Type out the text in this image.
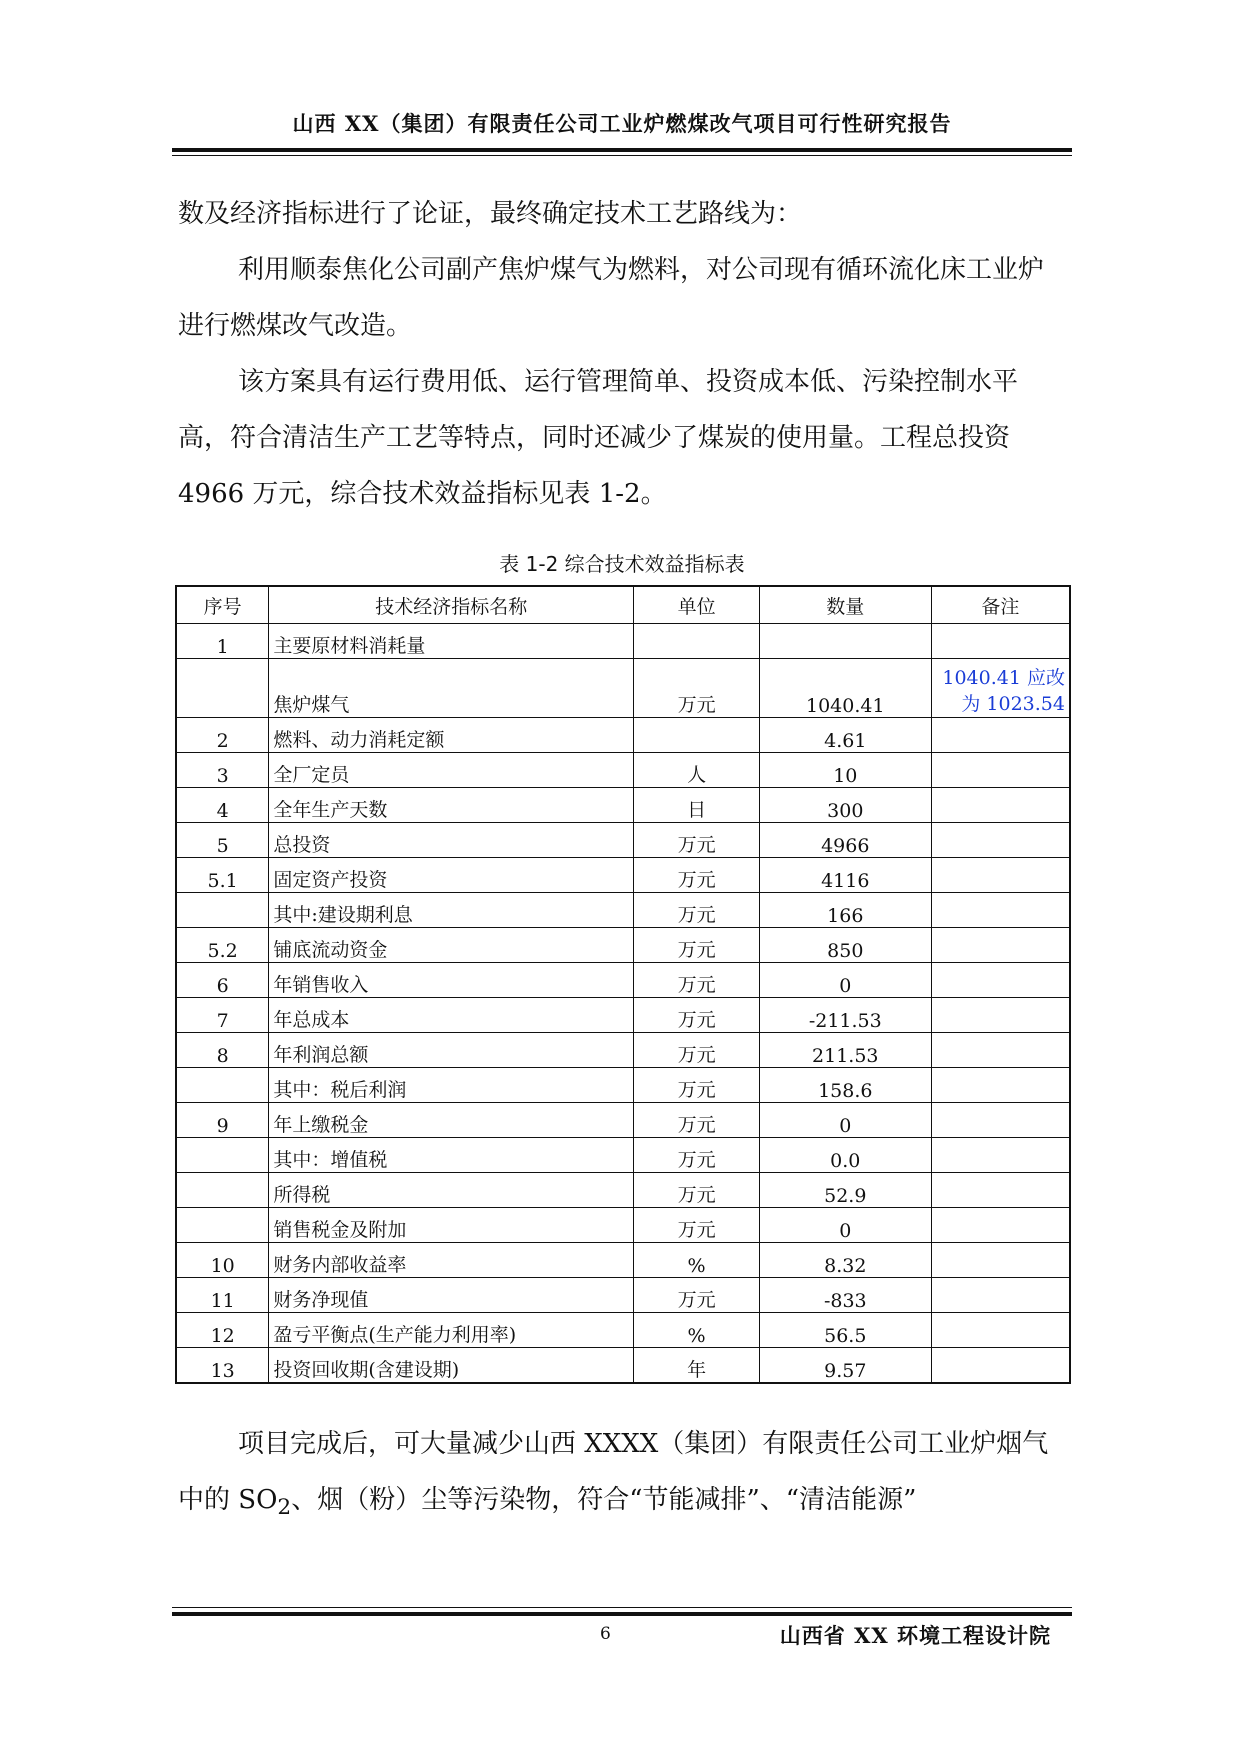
山西 XX（集团）有限责任公司工业炉燃煤改气项目可行性研究报告

数及经济指标进行了论证，最终确定技术工艺路线为：

利用顺泰焦化公司副产焦炉煤气为燃料，对公司现有循环流化床工业炉进行燃煤改气改造。

该方案具有运行费用低、运行管理简单、投资成本低、污染控制水平高，符合清洁生产工艺等特点，同时还减少了煤炭的使用量。工程总投资 4966 万元，综合技术效益指标见表 1-2。

表 1-2 综合技术效益指标表
序号	技术经济指标名称	单位	数量	备注
1	主要原材料消耗量			
	焦炉煤气	万元	1040.41	1040.41 应改
为 1023.54

2	燃料、动力消耗定额		4.61	
3	全厂定员	人	10	
4	全年生产天数	日	300	
5	总投资	万元	4966	
5.1	固定资产投资	万元	4116	
	其中:建设期利息	万元	166	
5.2	铺底流动资金	万元	850	
6	年销售收入	万元	0	
7	年总成本	万元	-211.53	
8	年利润总额	万元	211.53	
	其中：税后利润	万元	158.6	
9	年上缴税金	万元	0	
	其中：增值税	万元	0.0	
	所得税	万元	52.9	
	销售税金及附加	万元	0	
10	财务内部收益率	%	8.32	
11	财务净现值	万元	-833	
12	盈亏平衡点(生产能力利用率)	%	56.5	
13	投资回收期(含建设期)	年	9.57	

项目完成后，可大量减少山西 XXXX（集团）有限责任公司工业炉烟气中的 $SO_2$、烟（粉）尘等污染物，符合“节能减排”、“清洁能源”

6	山西省 XX 环境工程设计院
